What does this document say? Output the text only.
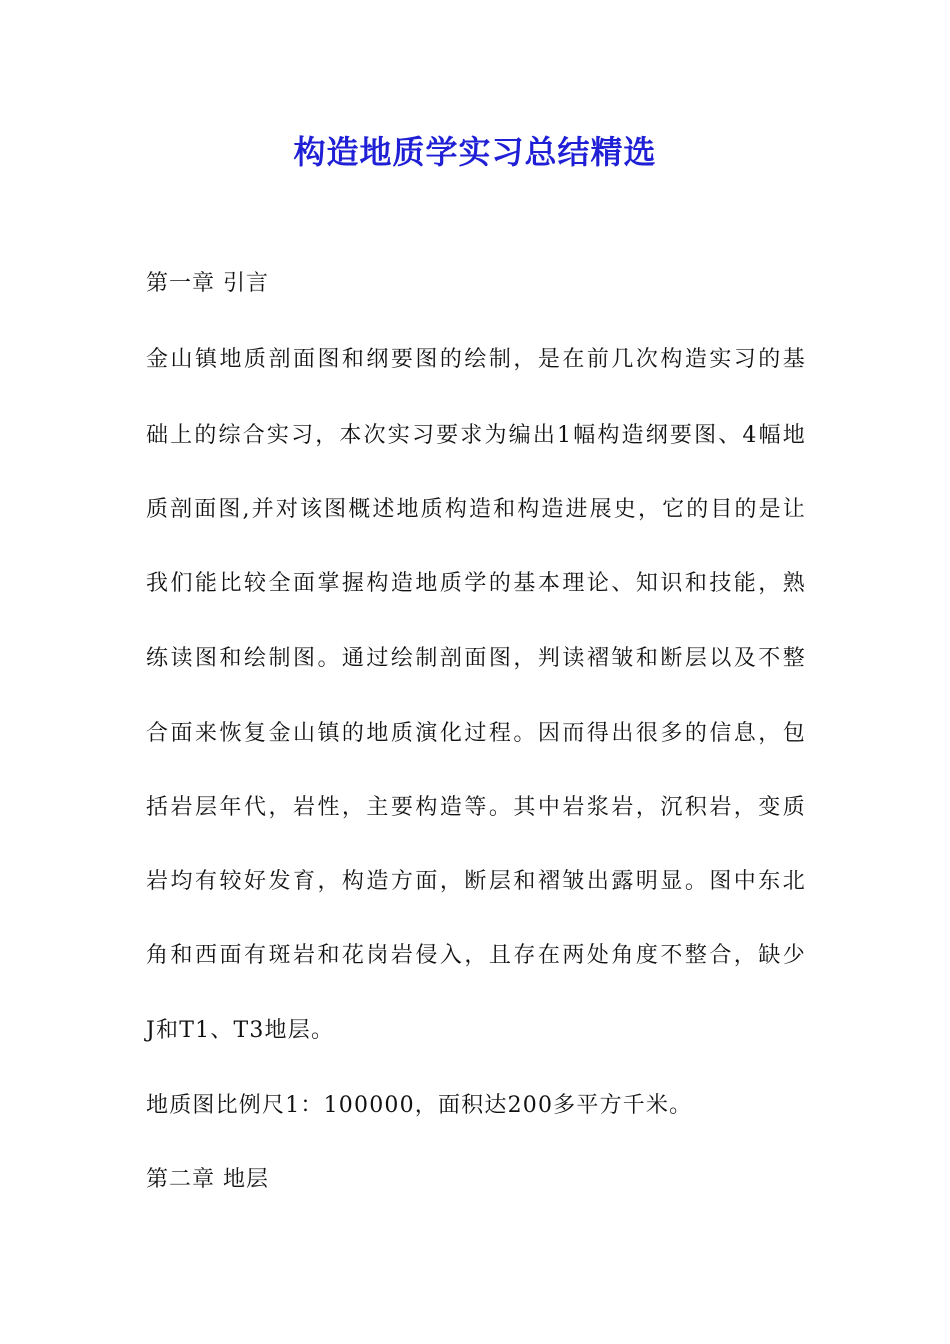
构造地质学实习总结精选
第一章 引言
金山镇地质剖面图和纲要图的绘制，是在前几次构造实习的基
础上的综合实习，本次实习要求为编出1幅构造纲要图、4幅地
质剖面图,并对该图概述地质构造和构造进展史，它的目的是让
我们能比较全面掌握构造地质学的基本理论、知识和技能，熟
练读图和绘制图。通过绘制剖面图，判读褶皱和断层以及不整
合面来恢复金山镇的地质演化过程。因而得出很多的信息，包
括岩层年代，岩性，主要构造等。其中岩浆岩，沉积岩，变质
岩均有较好发育，构造方面，断层和褶皱出露明显。图中东北
角和西面有斑岩和花岗岩侵入，且存在两处角度不整合，缺少
J和T1、T3地层。
地质图比例尺1：100000，面积达200多平方千米。
第二章 地层
